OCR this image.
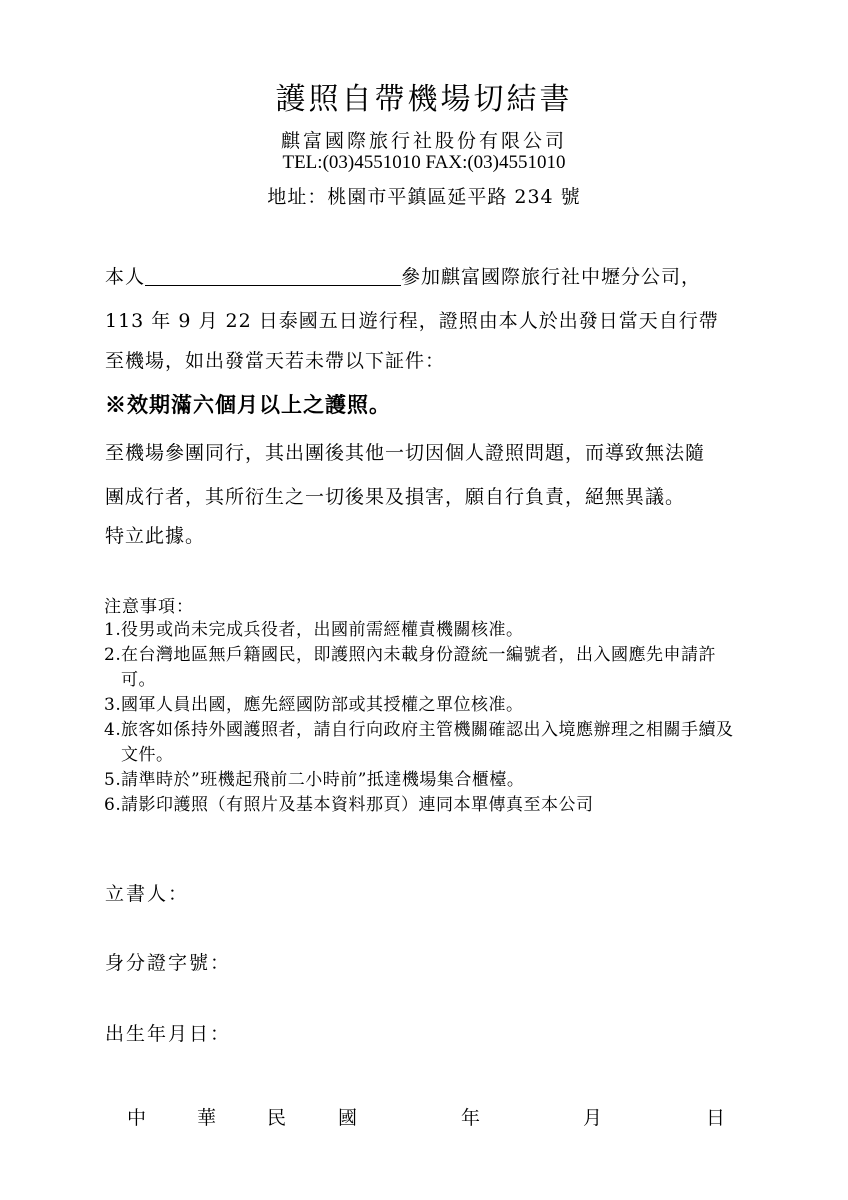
護照自帶機場切結書
麒富國際旅行社股份有限公司
TEL:(03)4551010 FAX:(03)4551010
地址：桃園市平鎮區延平路 234 號
本人	參加麒富國際旅行社中壢分公司，
113 年 9 月 22 日泰國五日遊行程，證照由本人於出發日當天自行帶
至機場，如出發當天若未帶以下証件：
※效期滿六個月以上之護照。
至機場參團同行，其出團後其他一切因個人證照問題，而導致無法隨
團成行者，其所衍生之一切後果及損害，願自行負責，絕無異議。
特立此據。
注意事項：
1. 役男或尚未完成兵役者，出國前需經權責機關核准。
2. 在台灣地區無戶籍國民，即護照內未載身份證統一編號者，出入國應先申請許可。
3. 國軍人員出國，應先經國防部或其授權之單位核准。
4. 旅客如係持外國護照者，請自行向政府主管機關確認出入境應辦理之相關手續及文件。
5. 請準時於”班機起飛前二小時前”抵達機場集合櫃檯。
6. 請影印護照（有照片及基本資料那頁）連同本單傳真至本公司
立書人：
身分證字號：
出生年月日：
中	華	民	國	年	月	日
